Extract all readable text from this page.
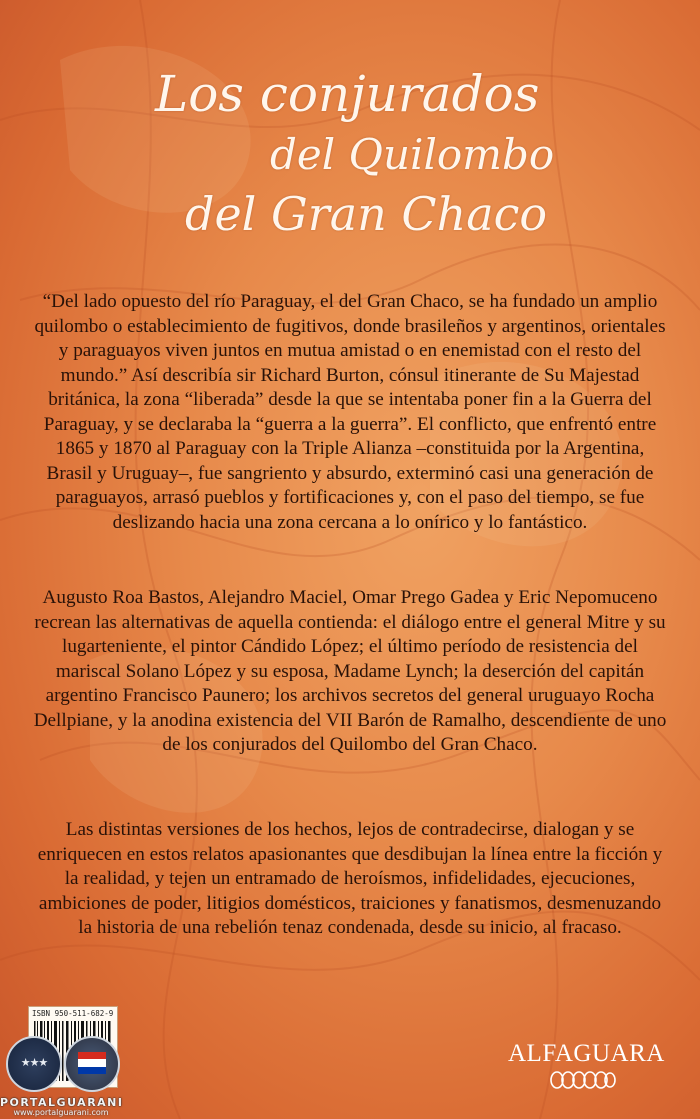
Los conjurados
del Quilombo
del Gran Chaco

“Del lado opuesto del río Paraguay, el del Gran Chaco, se ha fundado un amplio quilombo o establecimiento de fugitivos, donde brasileños y argentinos, orientales y paraguayos viven juntos en mutua amistad o en enemistad con el resto del mundo.” Así describía sir Richard Burton, cónsul itinerante de Su Majestad británica, la zona “liberada” desde la que se intentaba poner fin a la Guerra del Paraguay, y se declaraba la “guerra a la guerra”. El conflicto, que enfrentó entre 1865 y 1870 al Paraguay con la Triple Alianza –constituida por la Argentina, Brasil y Uruguay–, fue sangriento y absurdo, exterminó casi una generación de paraguayos, arrasó pueblos y fortificaciones y, con el paso del tiempo, se fue deslizando hacia una zona cercana a lo onírico y lo fantástico.

Augusto Roa Bastos, Alejandro Maciel, Omar Prego Gadea y Eric Nepomuceno recrean las alternativas de aquella contienda: el diálogo entre el general Mitre y su lugarteniente, el pintor Cándido López; el último período de resistencia del mariscal Solano López y su esposa, Madame Lynch; la deserción del capitán argentino Francisco Paunero; los archivos secretos del general uruguayo Rocha Dellpiane, y la anodina existencia del VII Barón de Ramalho, descendiente de uno de los conjurados del Quilombo del Gran Chaco.

Las distintas versiones de los hechos, lejos de contradecirse, dialogan y se enriquecen en estos relatos apasionantes que desdibujan la línea entre la ficción y la realidad, y tejen un entramado de heroísmos, infidelidades, ejecuciones, ambiciones de poder, litigios domésticos, traiciones y fanatismos, desmenuzando la historia de una rebelión tenaz condenada, desde su inicio, al fracaso.

ISBN 950-511-682-9
★★★
PORTALGUARANI
www.portalguarani.com
ALFAGUARA
